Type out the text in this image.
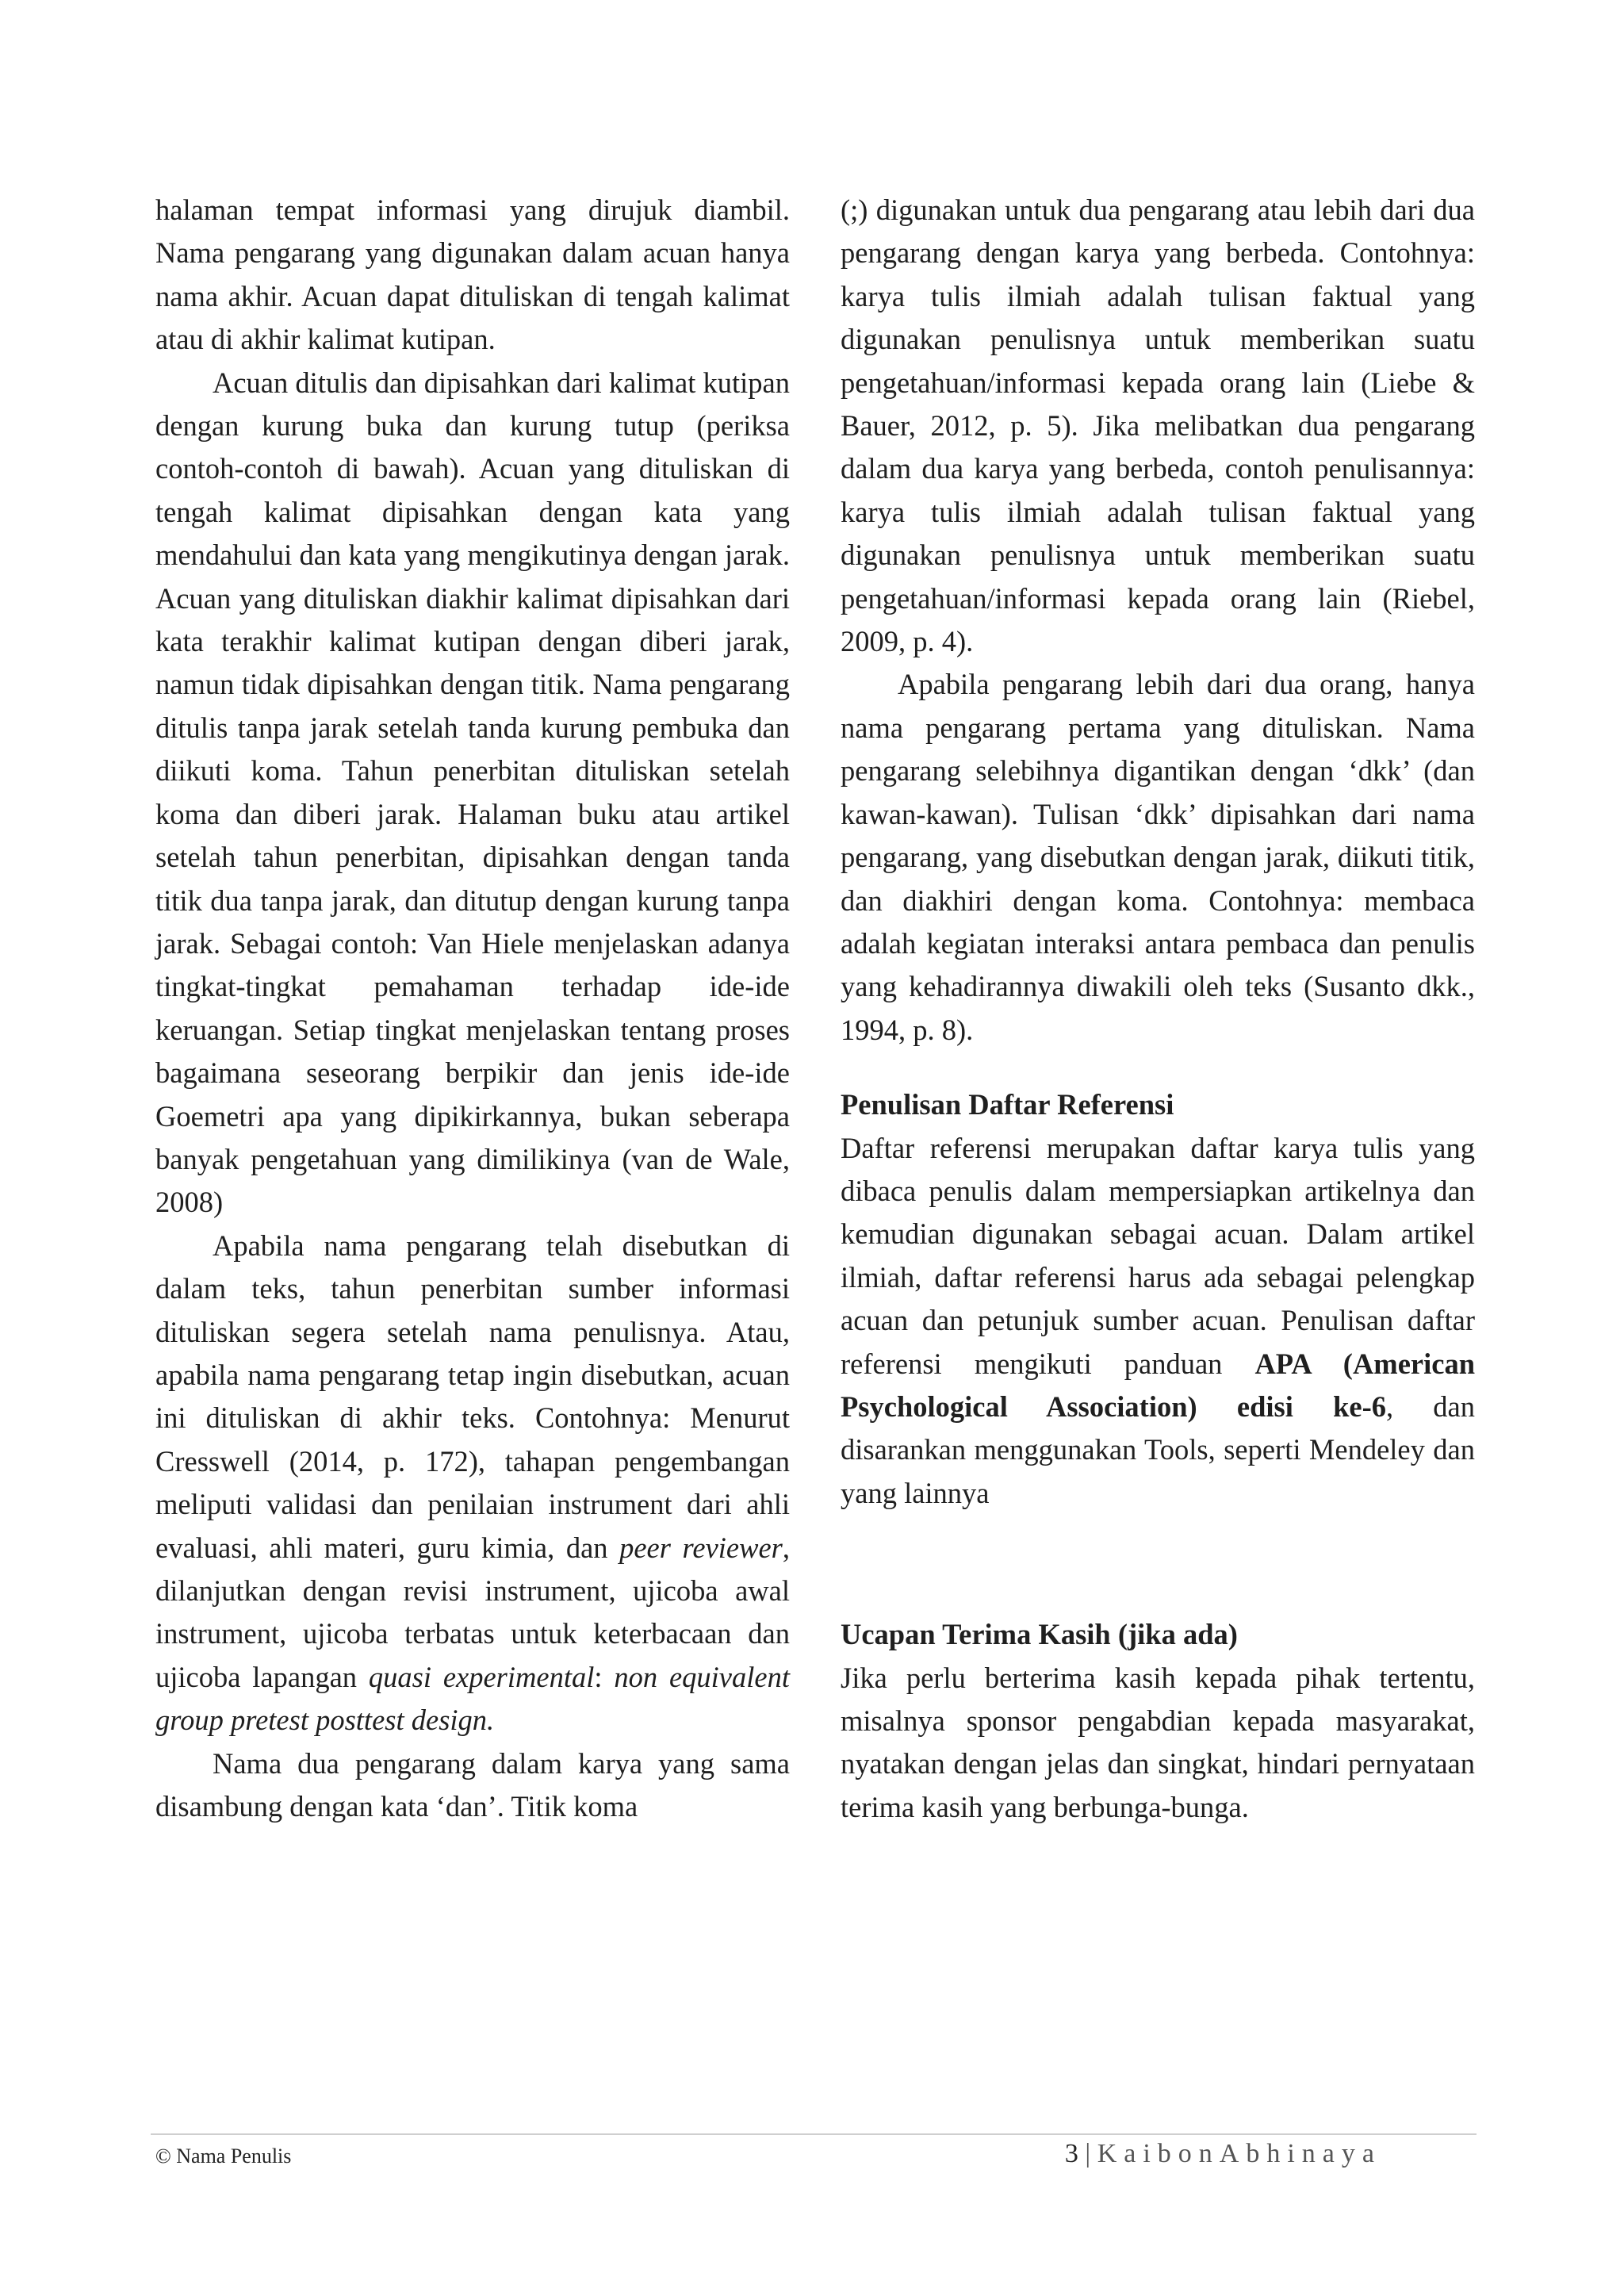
halaman tempat informasi yang dirujuk diambil. Nama pengarang yang digunakan dalam acuan hanya nama akhir. Acuan dapat dituliskan di tengah kalimat atau di akhir kalimat kutipan.

Acuan ditulis dan dipisahkan dari kalimat kutipan dengan kurung buka dan kurung tutup (periksa contoh-contoh di bawah). Acuan yang dituliskan di tengah kalimat dipisahkan dengan kata yang mendahului dan kata yang mengikutinya dengan jarak. Acuan yang dituliskan diakhir kalimat dipisahkan dari kata terakhir kalimat kutipan dengan diberi jarak, namun tidak dipisahkan dengan titik. Nama pengarang ditulis tanpa jarak setelah tanda kurung pembuka dan diikuti koma. Tahun penerbitan dituliskan setelah koma dan diberi jarak. Halaman buku atau artikel setelah tahun penerbitan, dipisahkan dengan tanda titik dua tanpa jarak, dan ditutup dengan kurung tanpa jarak. Sebagai contoh: Van Hiele menjelaskan adanya tingkat-tingkat pemahaman terhadap ide-ide keruangan. Setiap tingkat menjelaskan tentang proses bagaimana seseorang berpikir dan jenis ide-ide Goemetri apa yang dipikirkannya, bukan seberapa banyak pengetahuan yang dimilikinya (van de Wale, 2008)

Apabila nama pengarang telah disebutkan di dalam teks, tahun penerbitan sumber informasi dituliskan segera setelah nama penulisnya. Atau, apabila nama pengarang tetap ingin disebutkan, acuan ini dituliskan di akhir teks. Contohnya: Menurut Cresswell (2014, p. 172), tahapan pengembangan meliputi validasi dan penilaian instrument dari ahli evaluasi, ahli materi, guru kimia, dan peer reviewer, dilanjutkan dengan revisi instrument, ujicoba awal instrument, ujicoba terbatas untuk keterbacaan dan ujicoba lapangan quasi experimental: non equivalent group pretest posttest design.

Nama dua pengarang dalam karya yang sama disambung dengan kata ‘dan’. Titik koma

(;) digunakan untuk dua pengarang atau lebih dari dua pengarang dengan karya yang berbeda. Contohnya: karya tulis ilmiah adalah tulisan faktual yang digunakan penulisnya untuk memberikan suatu pengetahuan/informasi kepada orang lain (Liebe & Bauer, 2012, p. 5). Jika melibatkan dua pengarang dalam dua karya yang berbeda, contoh penulisannya: karya tulis ilmiah adalah tulisan faktual yang digunakan penulisnya untuk memberikan suatu pengetahuan/informasi kepada orang lain (Riebel, 2009, p. 4).

Apabila pengarang lebih dari dua orang, hanya nama pengarang pertama yang dituliskan. Nama pengarang selebihnya digantikan dengan ‘dkk’ (dan kawan-kawan). Tulisan ‘dkk’ dipisahkan dari nama pengarang, yang disebutkan dengan jarak, diikuti titik, dan diakhiri dengan koma. Contohnya: membaca adalah kegiatan interaksi antara pembaca dan penulis yang kehadirannya diwakili oleh teks (Susanto dkk., 1994, p. 8).

Penulisan Daftar Referensi

Daftar referensi merupakan daftar karya tulis yang dibaca penulis dalam mempersiapkan artikelnya dan kemudian digunakan sebagai acuan. Dalam artikel ilmiah, daftar referensi harus ada sebagai pelengkap acuan dan petunjuk sumber acuan. Penulisan daftar referensi mengikuti panduan APA (American Psychological Association) edisi ke-6, dan disarankan menggunakan Tools, seperti Mendeley dan yang lainnya

Ucapan Terima Kasih (jika ada)

Jika perlu berterima kasih kepada pihak tertentu, misalnya sponsor pengabdian kepada masyarakat, nyatakan dengan jelas dan singkat, hindari pernyataan terima kasih yang berbunga-bunga.

© Nama Penulis	3 | KaibonAbhinaya
